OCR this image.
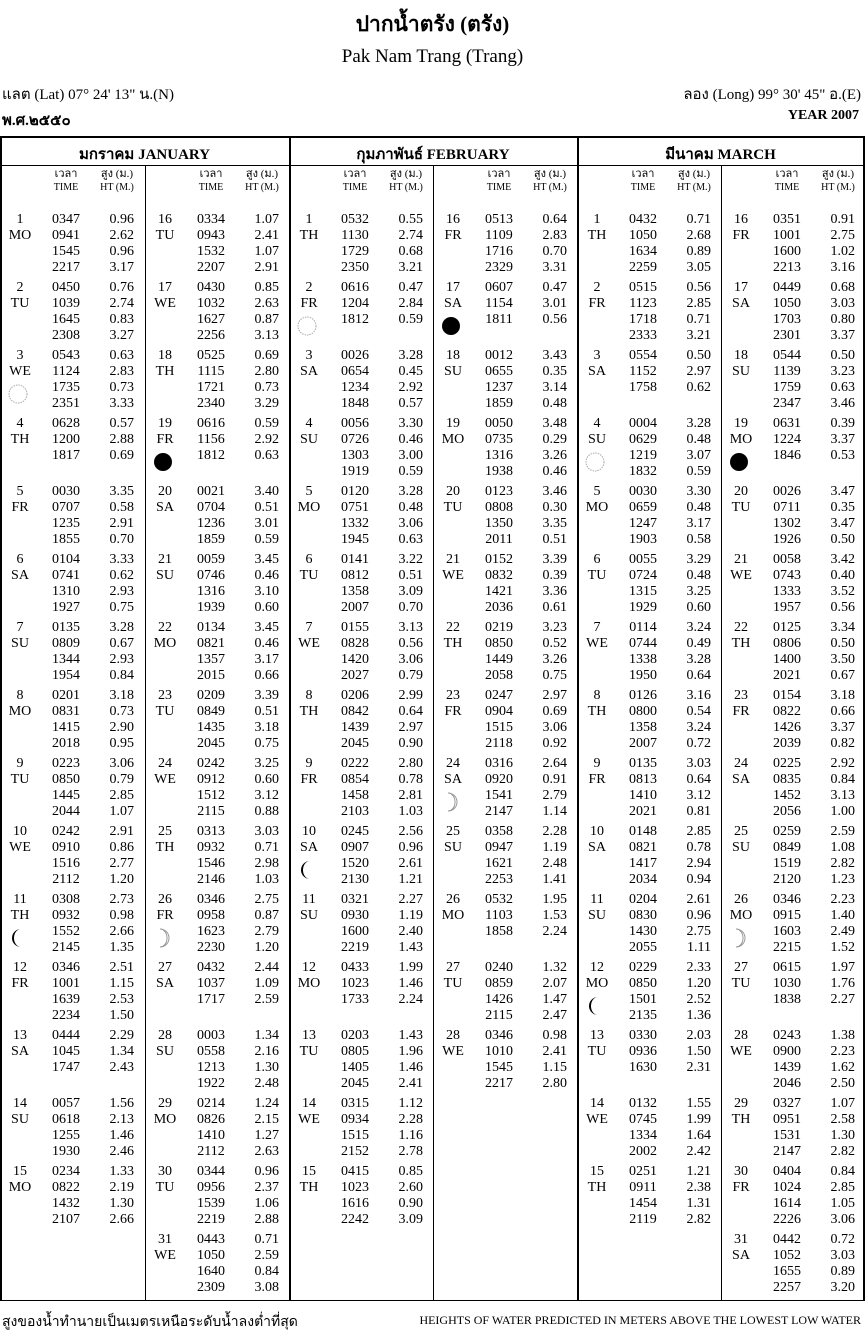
ปากน้ำตรัง (ตรัง)
Pak Nam Trang (Trang)
แลต (Lat) 07° 24' 13" น.(N)	ลอง (Long) 99° 30' 45" อ.(E)
พ.ศ.๒๕๕๐	YEAR 2007
มกราคม JANUARY
เวลา
TIME
สูง (ม.)
HT (M.)
เวลา
TIME
สูง (ม.)
HT (M.)
1
MO
0347	0.96
0941	2.62
1545	0.96
2217	3.17
2
TU
0450	0.76
1039	2.74
1645	0.83
2308	3.27
3
WE
0543	0.63
1124	2.83
1735	0.73
2351	3.33
4
TH
0628	0.57
1200	2.88
1817	0.69
5
FR
0030	3.35
0707	0.58
1235	2.91
1855	0.70
6
SA
0104	3.33
0741	0.62
1310	2.93
1927	0.75
7
SU
0135	3.28
0809	0.67
1344	2.93
1954	0.84
8
MO
0201	3.18
0831	0.73
1415	2.90
2018	0.95
9
TU
0223	3.06
0850	0.79
1445	2.85
2044	1.07
10
WE
0242	2.91
0910	0.86
1516	2.77
2112	1.20
11
TH
0308	2.73
0932	0.98
1552	2.66
2145	1.35
12
FR
0346	2.51
1001	1.15
1639	2.53
2234	1.50
13
SA
0444	2.29
1045	1.34
1747	2.43
14
SU
0057	1.56
0618	2.13
1255	1.46
1930	2.46
15
MO
0234	1.33
0822	2.19
1432	1.30
2107	2.66
16
TU
0334	1.07
0943	2.41
1532	1.07
2207	2.91
17
WE
0430	0.85
1032	2.63
1627	0.87
2256	3.13
18
TH
0525	0.69
1115	2.80
1721	0.73
2340	3.29
19
FR
0616	0.59
1156	2.92
1812	0.63
20
SA
0021	3.40
0704	0.51
1236	3.01
1859	0.59
21
SU
0059	3.45
0746	0.46
1316	3.10
1939	0.60
22
MO
0134	3.45
0821	0.46
1357	3.17
2015	0.66
23
TU
0209	3.39
0849	0.51
1435	3.18
2045	0.75
24
WE
0242	3.25
0912	0.60
1512	3.12
2115	0.88
25
TH
0313	3.03
0932	0.71
1546	2.98
2146	1.03
26
FR
0346	2.75
0958	0.87
1623	2.79
2230	1.20
27
SA
0432	2.44
1037	1.09
1717	2.59
28
SU
0003	1.34
0558	2.16
1213	1.30
1922	2.48
29
MO
0214	1.24
0826	2.15
1410	1.27
2112	2.63
30
TU
0344	0.96
0956	2.37
1539	1.06
2219	2.88
31
WE
0443	0.71
1050	2.59
1640	0.84
2309	3.08
กุมภาพันธ์ FEBRUARY
เวลา
TIME
สูง (ม.)
HT (M.)
เวลา
TIME
สูง (ม.)
HT (M.)
1
TH
0532	0.55
1130	2.74
1729	0.68
2350	3.21
2
FR
0616	0.47
1204	2.84
1812	0.59
3
SA
0026	3.28
0654	0.45
1234	2.92
1848	0.57
4
SU
0056	3.30
0726	0.46
1303	3.00
1919	0.59
5
MO
0120	3.28
0751	0.48
1332	3.06
1945	0.63
6
TU
0141	3.22
0812	0.51
1358	3.09
2007	0.70
7
WE
0155	3.13
0828	0.56
1420	3.06
2027	0.79
8
TH
0206	2.99
0842	0.64
1439	2.97
2045	0.90
9
FR
0222	2.80
0854	0.78
1458	2.81
2103	1.03
10
SA
0245	2.56
0907	0.96
1520	2.61
2130	1.21
11
SU
0321	2.27
0930	1.19
1600	2.40
2219	1.43
12
MO
0433	1.99
1023	1.46
1733	2.24
13
TU
0203	1.43
0805	1.96
1405	1.46
2045	2.41
14
WE
0315	1.12
0934	2.28
1515	1.16
2152	2.78
15
TH
0415	0.85
1023	2.60
1616	0.90
2242	3.09
16
FR
0513	0.64
1109	2.83
1716	0.70
2329	3.31
17
SA
0607	0.47
1154	3.01
1811	0.56
18
SU
0012	3.43
0655	0.35
1237	3.14
1859	0.48
19
MO
0050	3.48
0735	0.29
1316	3.26
1938	0.46
20
TU
0123	3.46
0808	0.30
1350	3.35
2011	0.51
21
WE
0152	3.39
0832	0.39
1421	3.36
2036	0.61
22
TH
0219	3.23
0850	0.52
1449	3.26
2058	0.75
23
FR
0247	2.97
0904	0.69
1515	3.06
2118	0.92
24
SA
0316	2.64
0920	0.91
1541	2.79
2147	1.14
25
SU
0358	2.28
0947	1.19
1621	2.48
2253	1.41
26
MO
0532	1.95
1103	1.53
1858	2.24
27
TU
0240	1.32
0859	2.07
1426	1.47
2115	2.47
28
WE
0346	0.98
1010	2.41
1545	1.15
2217	2.80
มีนาคม MARCH
เวลา
TIME
สูง (ม.)
HT (M.)
เวลา
TIME
สูง (ม.)
HT (M.)
1
TH
0432	0.71
1050	2.68
1634	0.89
2259	3.05
2
FR
0515	0.56
1123	2.85
1718	0.71
2333	3.21
3
SA
0554	0.50
1152	2.97
1758	0.62
4
SU
0004	3.28
0629	0.48
1219	3.07
1832	0.59
5
MO
0030	3.30
0659	0.48
1247	3.17
1903	0.58
6
TU
0055	3.29
0724	0.48
1315	3.25
1929	0.60
7
WE
0114	3.24
0744	0.49
1338	3.28
1950	0.64
8
TH
0126	3.16
0800	0.54
1358	3.24
2007	0.72
9
FR
0135	3.03
0813	0.64
1410	3.12
2021	0.81
10
SA
0148	2.85
0821	0.78
1417	2.94
2034	0.94
11
SU
0204	2.61
0830	0.96
1430	2.75
2055	1.11
12
MO
0229	2.33
0850	1.20
1501	2.52
2135	1.36
13
TU
0330	2.03
0936	1.50
1630	2.31
14
WE
0132	1.55
0745	1.99
1334	1.64
2002	2.42
15
TH
0251	1.21
0911	2.38
1454	1.31
2119	2.82
16
FR
0351	0.91
1001	2.75
1600	1.02
2213	3.16
17
SA
0449	0.68
1050	3.03
1703	0.80
2301	3.37
18
SU
0544	0.50
1139	3.23
1759	0.63
2347	3.46
19
MO
0631	0.39
1224	3.37
1846	0.53
20
TU
0026	3.47
0711	0.35
1302	3.47
1926	0.50
21
WE
0058	3.42
0743	0.40
1333	3.52
1957	0.56
22
TH
0125	3.34
0806	0.50
1400	3.50
2021	0.67
23
FR
0154	3.18
0822	0.66
1426	3.37
2039	0.82
24
SA
0225	2.92
0835	0.84
1452	3.13
2056	1.00
25
SU
0259	2.59
0849	1.08
1519	2.82
2120	1.23
26
MO
0346	2.23
0915	1.40
1603	2.49
2215	1.52
27
TU
0615	1.97
1030	1.76
1838	2.27
28
WE
0243	1.38
0900	2.23
1439	1.62
2046	2.50
29
TH
0327	1.07
0951	2.58
1531	1.30
2147	2.82
30
FR
0404	0.84
1024	2.85
1614	1.05
2226	3.06
31
SA
0442	0.72
1052	3.03
1655	0.89
2257	3.20
สูงของน้ำทำนายเป็นเมตรเหนือระดับน้ำลงต่ำที่สุด	HEIGHTS OF WATER PREDICTED IN METERS ABOVE THE LOWEST LOW WATER
